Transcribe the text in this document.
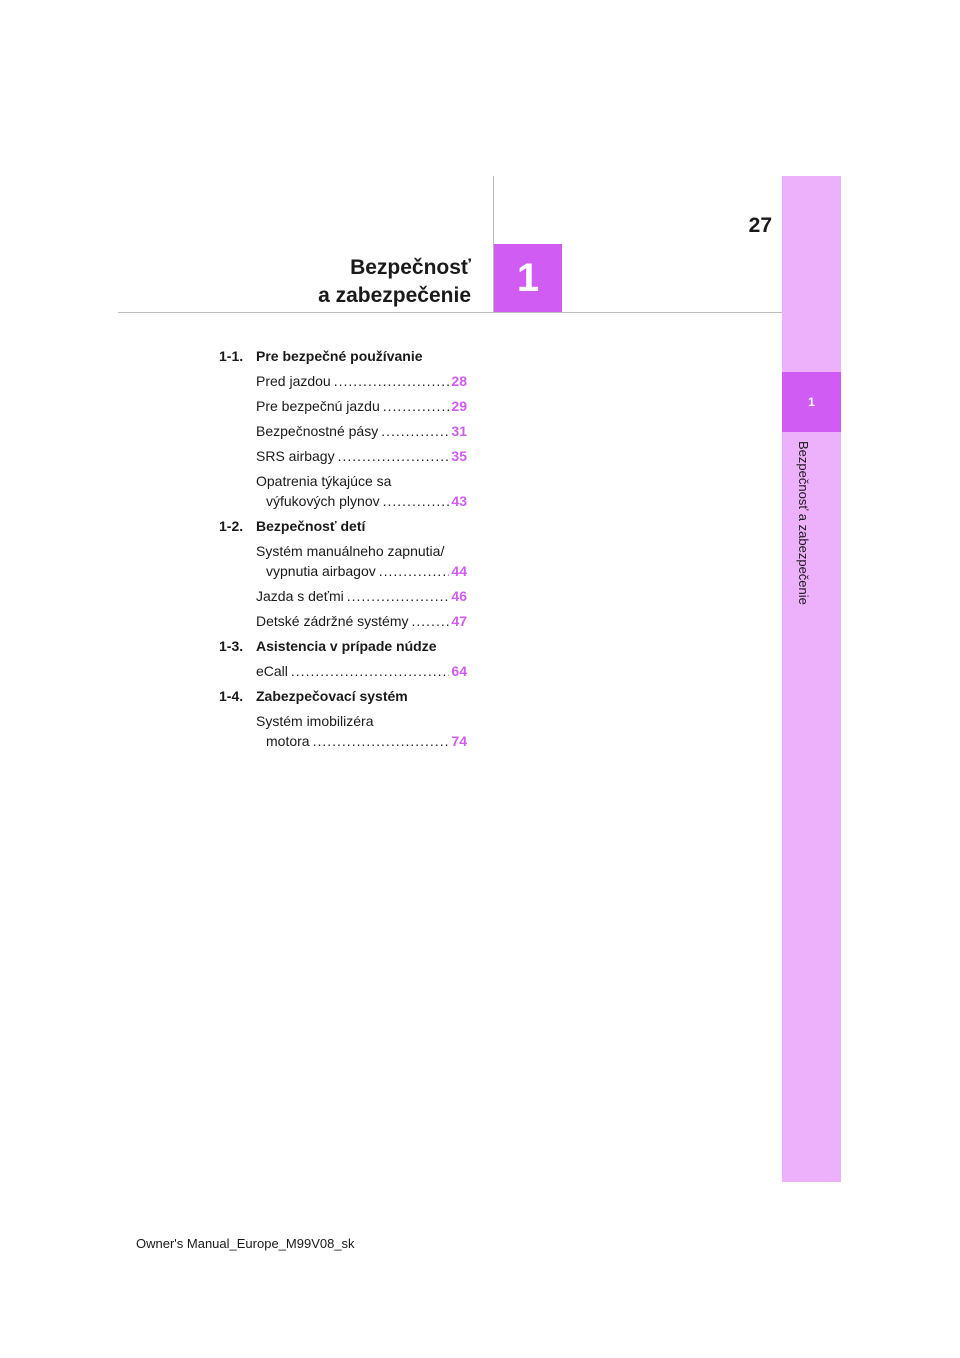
27
Bezpečnosť
a zabezpečenie	1
1
Bezpečnosť a zabezpečenie
1-1. Pre bezpečné používanie
Pred jazdou .....	28
Pre bezpečnú jazdu .....	29
Bezpečnostné pásy .....	31
SRS airbagy .....	35
Opatrenia týkajúce sa
výfukových plynov .....	43
1-2. Bezpečnosť detí
Systém manuálneho zapnutia/
vypnutia airbagov .....	44
Jazda s deťmi .....	46
Detské zádržné systémy .....	47
1-3. Asistencia v prípade núdze
eCall .....	64
1-4. Zabezpečovací systém
Systém imobilizéra
motora .....	74
Owner's Manual_Europe_M99V08_sk
